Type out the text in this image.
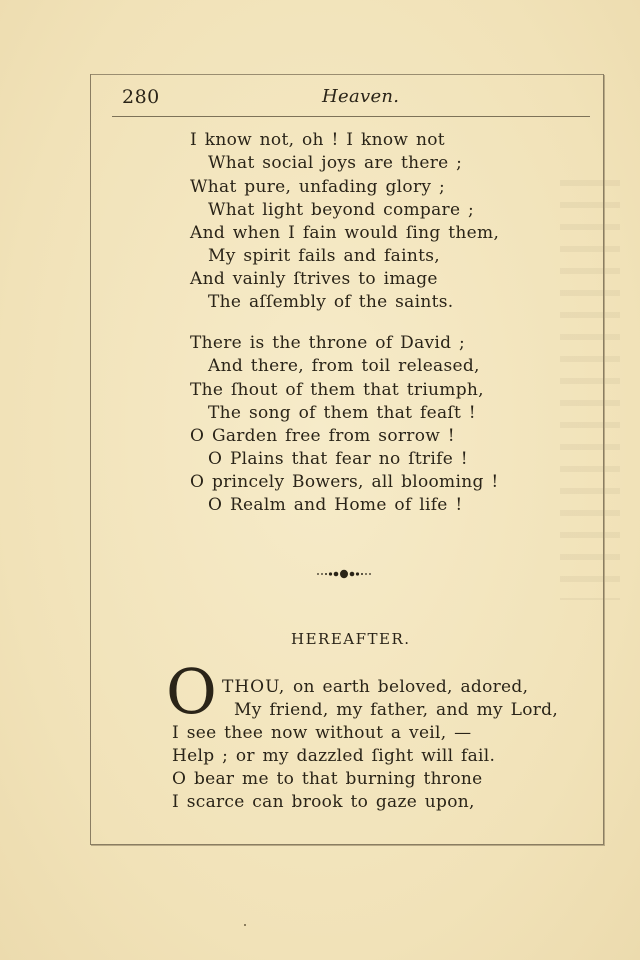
280	Heaven.
I know not, oh ! I know not
What social joys are there ;
What pure, unfading glory ;
What light beyond compare ;
And when I fain would ſing them,
My spirit fails and faints,
And vainly ſtrives to image
The aſſembly of the saints.
There is the throne of David ;
And there, from toil released,
The ſhout of them that triumph,
The song of them that feaſt !
O Garden free from sorrow !
O Plains that fear no ſtrife !
O princely Bowers, all blooming !
O Realm and Home of life !
HEREAFTER.
O THOU, on earth beloved, adored,
My friend, my father, and my Lord,
I see thee now without a veil, —
Help ; or my dazzled ſight will fail.
O bear me to that burning throne
I scarce can brook to gaze upon,
